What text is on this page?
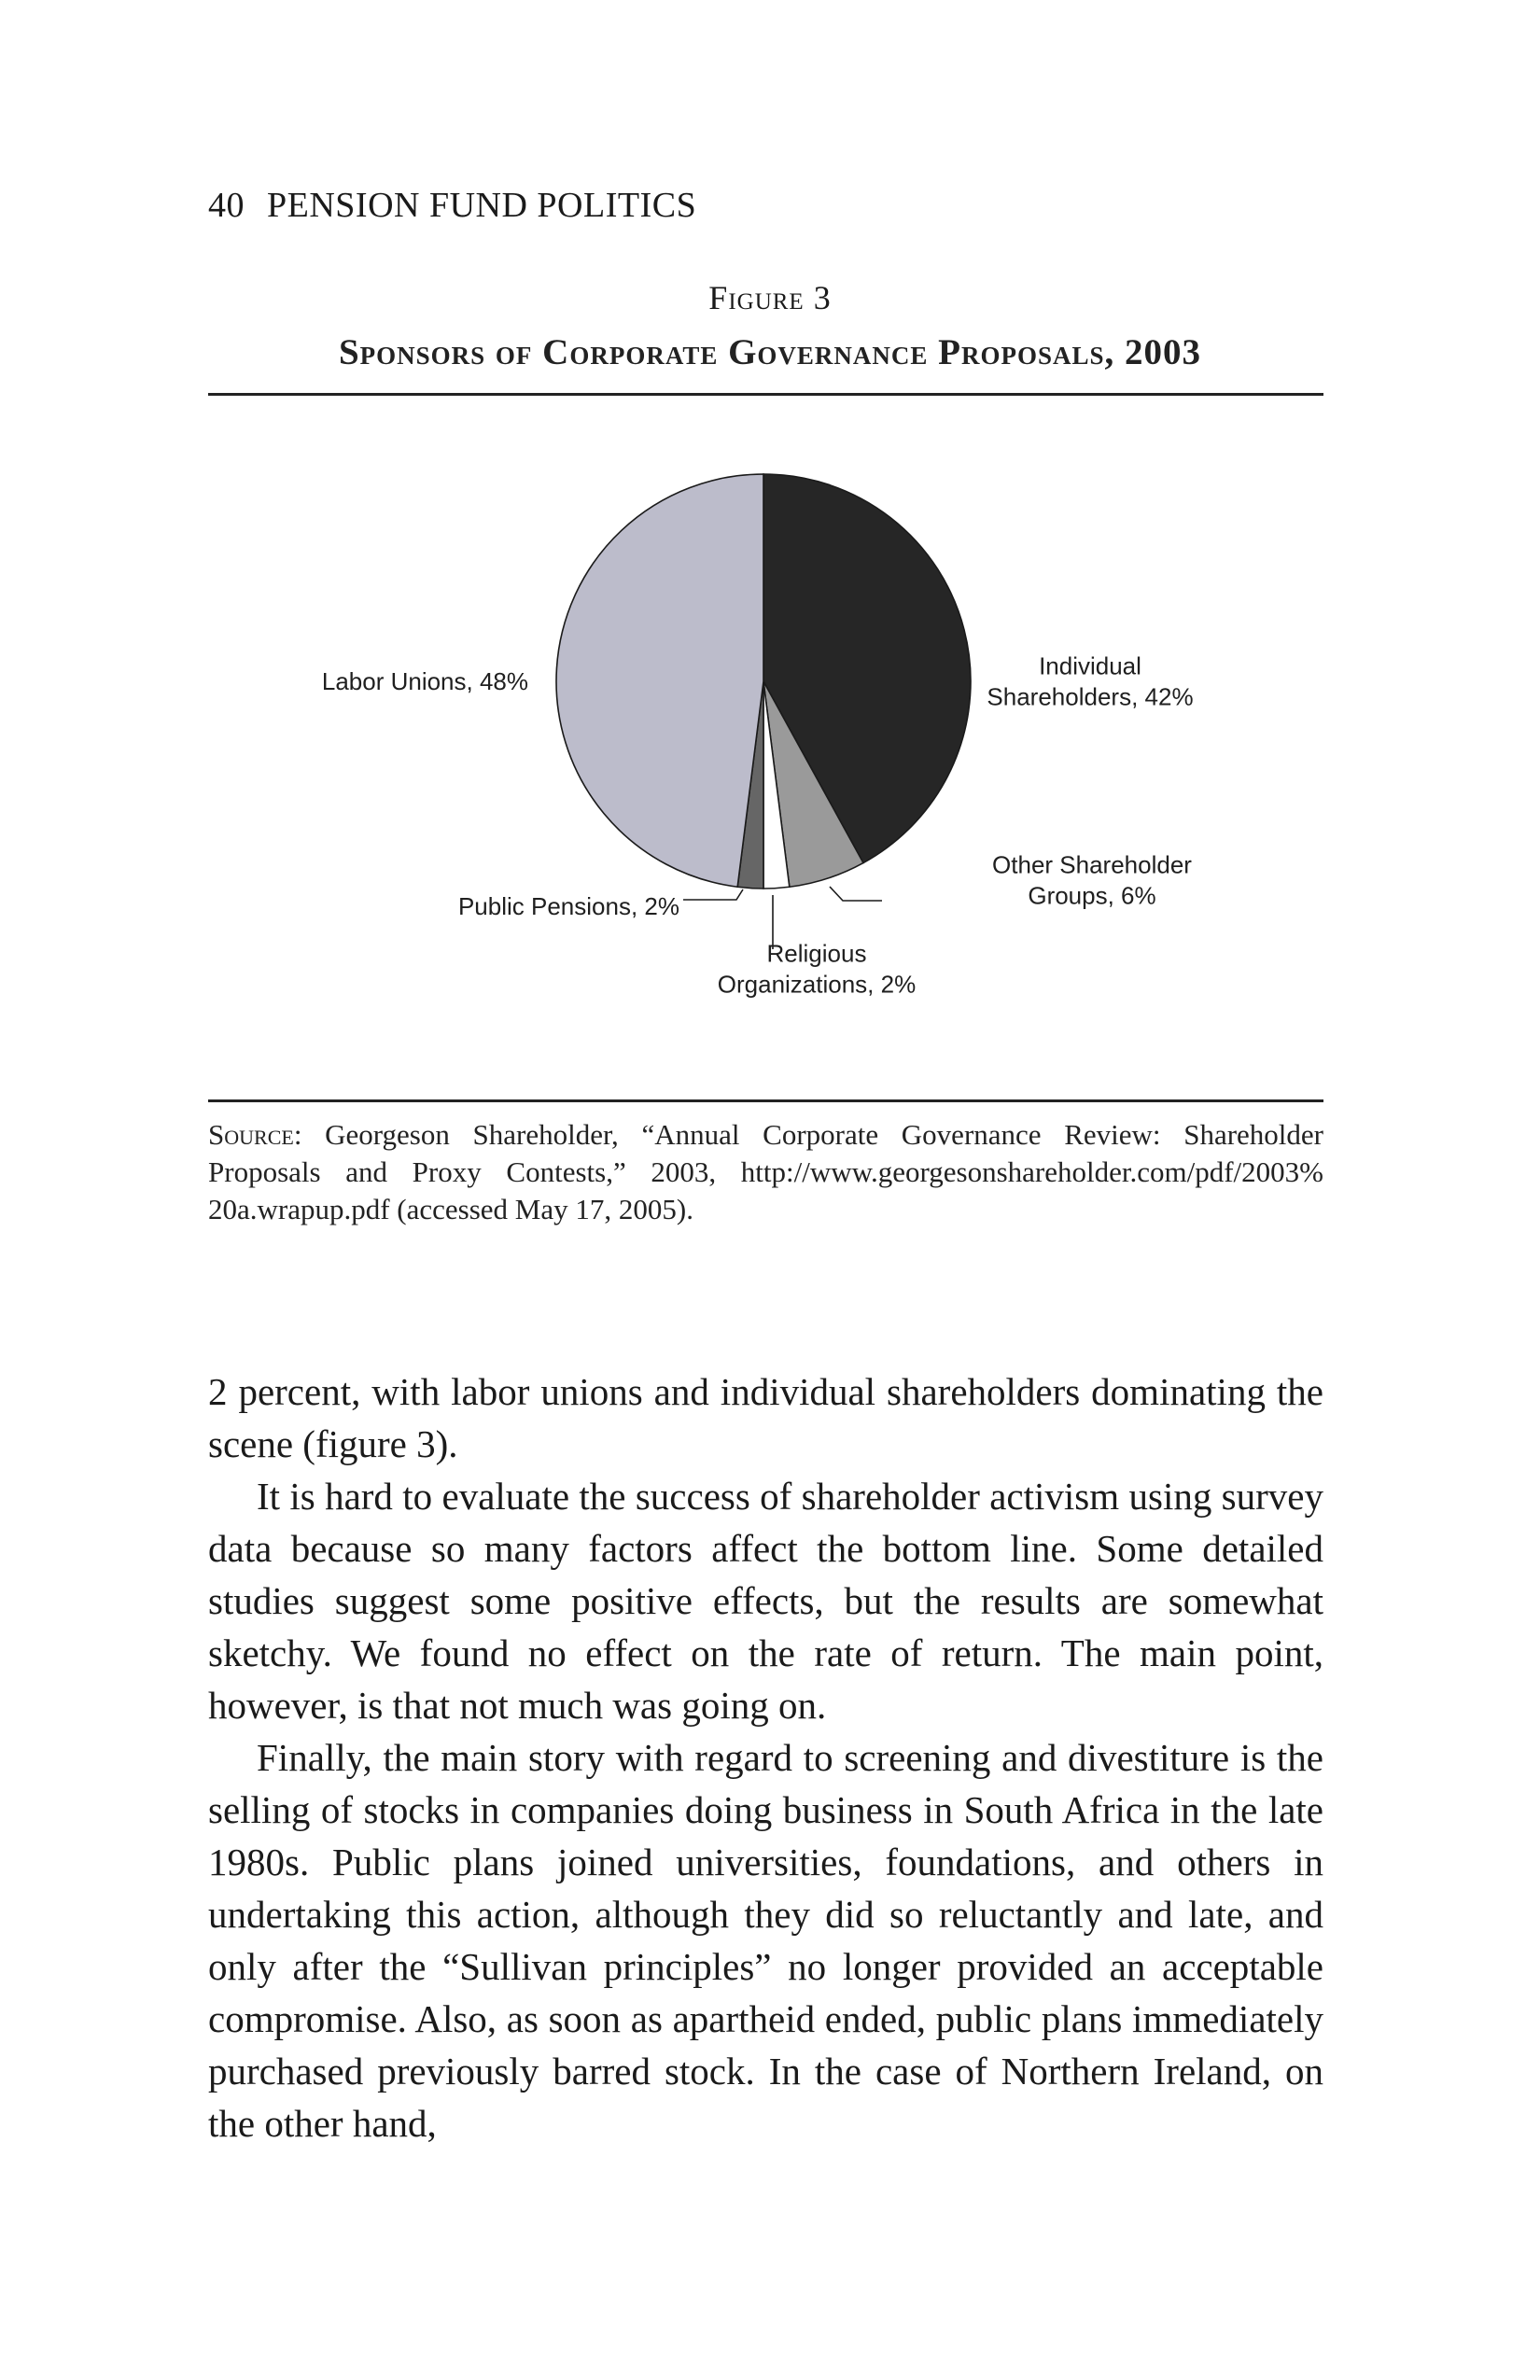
40 PENSION FUND POLITICS
Figure 3
Sponsors of Corporate Governance Proposals, 2003
Individual Shareholders, 42%
Other Shareholder Groups, 6%
Religious Organizations, 2%
Public Pensions, 2%
Labor Unions, 48%
Source: Georgeson Shareholder, “Annual Corporate Governance Review: Shareholder Proposals and Proxy Contests,” 2003, http://www.georgesonshareholder.com/pdf/2003% 20a.wrapup.pdf (accessed May 17, 2005).

2 percent, with labor unions and individual shareholders dominating the scene (figure 3).

It is hard to evaluate the success of shareholder activism using survey data because so many factors affect the bottom line. Some detailed studies suggest some positive effects, but the results are somewhat sketchy. We found no effect on the rate of return. The main point, however, is that not much was going on.

Finally, the main story with regard to screening and divestiture is the selling of stocks in companies doing business in South Africa in the late 1980s. Public plans joined universities, foundations, and others in undertaking this action, although they did so reluctantly and late, and only after the “Sullivan principles” no longer provided an acceptable compromise. Also, as soon as apartheid ended, public plans immediately purchased previously barred stock. In the case of Northern Ireland, on the other hand,
